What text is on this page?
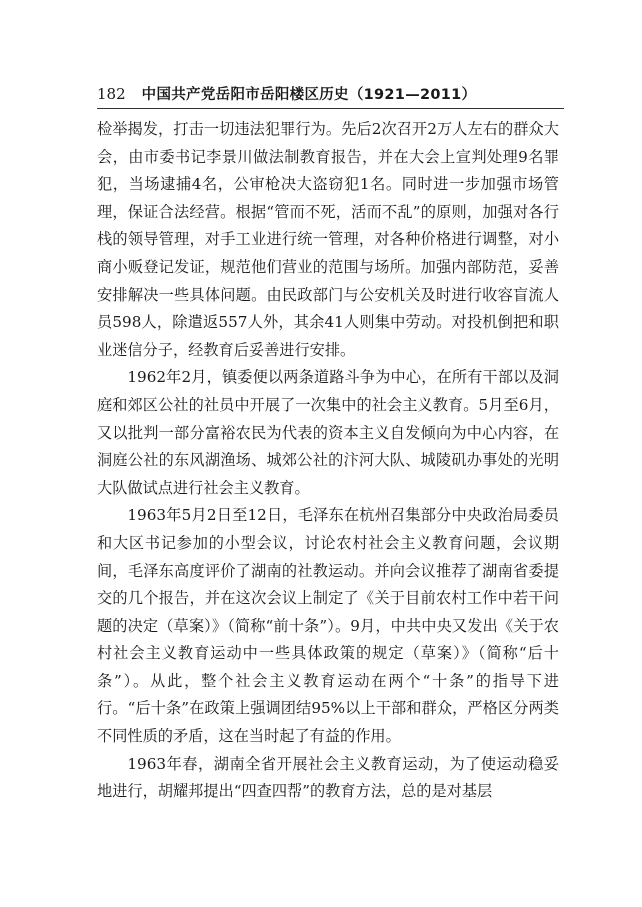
182 中国共产党岳阳市岳阳楼区历史（1921—2011）

检举揭发，打击一切违法犯罪行为。先后2次召开2万人左右的群众大会，由市委书记李景川做法制教育报告，并在大会上宣判处理9名罪犯，当场逮捕4名，公审枪决大盗窃犯1名。同时进一步加强市场管理，保证合法经营。根据“管而不死，活而不乱”的原则，加强对各行栈的领导管理，对手工业进行统一管理，对各种价格进行调整，对小商小贩登记发证，规范他们营业的范围与场所。加强内部防范，妥善安排解决一些具体问题。由民政部门与公安机关及时进行收容盲流人员598人，除遣返557人外，其余41人则集中劳动。对投机倒把和职业迷信分子，经教育后妥善进行安排。

1962年2月，镇委便以两条道路斗争为中心，在所有干部以及洞庭和郊区公社的社员中开展了一次集中的社会主义教育。5月至6月，又以批判一部分富裕农民为代表的资本主义自发倾向为中心内容，在洞庭公社的东风湖渔场、城郊公社的汴河大队、城陵矶办事处的光明大队做试点进行社会主义教育。

1963年5月2日至12日，毛泽东在杭州召集部分中央政治局委员和大区书记参加的小型会议，讨论农村社会主义教育问题，会议期间，毛泽东高度评价了湖南的社教运动。并向会议推荐了湖南省委提交的几个报告，并在这次会议上制定了《关于目前农村工作中若干问题的决定（草案）》（简称“前十条”）。9月，中共中央又发出《关于农村社会主义教育运动中一些具体政策的规定（草案）》（简称“后十条”）。从此，整个社会主义教育运动在两个“十条”的指导下进行。“后十条”在政策上强调团结95%以上干部和群众，严格区分两类不同性质的矛盾，这在当时起了有益的作用。

1963年春，湖南全省开展社会主义教育运动，为了使运动稳妥地进行，胡耀邦提出“四查四帮”的教育方法，总的是对基层
